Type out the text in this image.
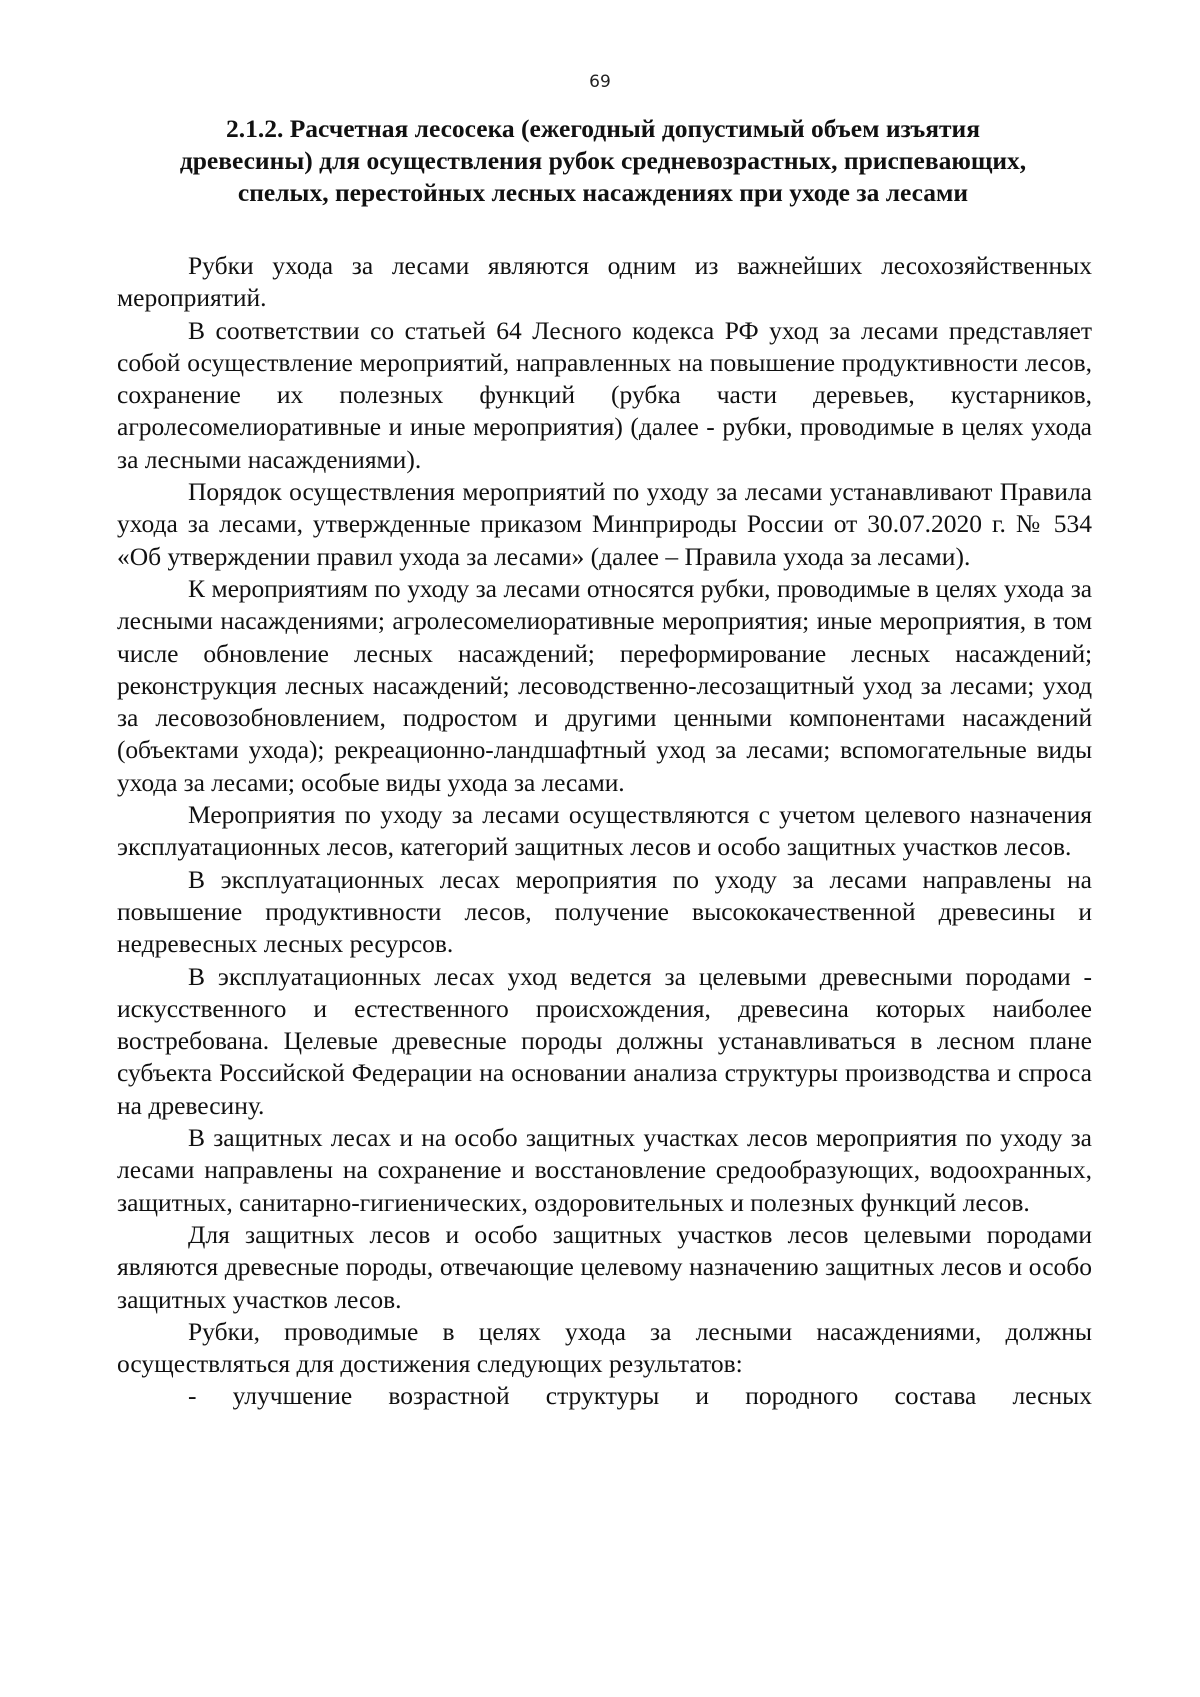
69
2.1.2. Расчетная лесосека (ежегодный допустимый объем изъятия
древесины) для осуществления рубок средневозрастных, приспевающих,
спелых, перестойных лесных насаждениях при уходе за лесами

Рубки ухода за лесами являются одним из важнейших лесохозяйственных мероприятий.

В соответствии со статьей 64 Лесного кодекса РФ уход за лесами представляет собой осуществление мероприятий, направленных на повышение продуктивности лесов, сохранение их полезных функций (рубка части деревьев, кустарников, агролесомелиоративные и иные мероприятия) (далее - рубки, проводимые в целях ухода за лесными насаждениями).

Порядок осуществления мероприятий по уходу за лесами устанавливают Правила ухода за лесами, утвержденные приказом Минприроды России от 30.07.2020 г. № 534 «Об утверждении правил ухода за лесами» (далее – Правила ухода за лесами).

К мероприятиям по уходу за лесами относятся рубки, проводимые в целях ухода за лесными насаждениями; агролесомелиоративные мероприятия; иные мероприятия, в том числе обновление лесных насаждений; переформирование лесных насаждений; реконструкция лесных насаждений; лесоводственно-лесозащитный уход за лесами; уход за лесовозобновлением, подростом и другими ценными компонентами насаждений (объектами ухода); рекреационно-ландшафтный уход за лесами; вспомогательные виды ухода за лесами; особые виды ухода за лесами.

Мероприятия по уходу за лесами осуществляются с учетом целевого назначения эксплуатационных лесов, категорий защитных лесов и особо защитных участков лесов.

В эксплуатационных лесах мероприятия по уходу за лесами направлены на повышение продуктивности лесов, получение высококачественной древесины и недревесных лесных ресурсов.

В эксплуатационных лесах уход ведется за целевыми древесными породами - искусственного и естественного происхождения, древесина которых наиболее востребована. Целевые древесные породы должны устанавливаться в лесном плане субъекта Российской Федерации на основании анализа структуры производства и спроса на древесину.

В защитных лесах и на особо защитных участках лесов мероприятия по уходу за лесами направлены на сохранение и восстановление средообразующих, водоохранных, защитных, санитарно-гигиенических, оздоровительных и полезных функций лесов.

Для защитных лесов и особо защитных участков лесов целевыми породами являются древесные породы, отвечающие целевому назначению защитных лесов и особо защитных участков лесов.

Рубки, проводимые в целях ухода за лесными насаждениями, должны осуществляться для достижения следующих результатов:

- улучшение возрастной структуры и породного состава лесных
